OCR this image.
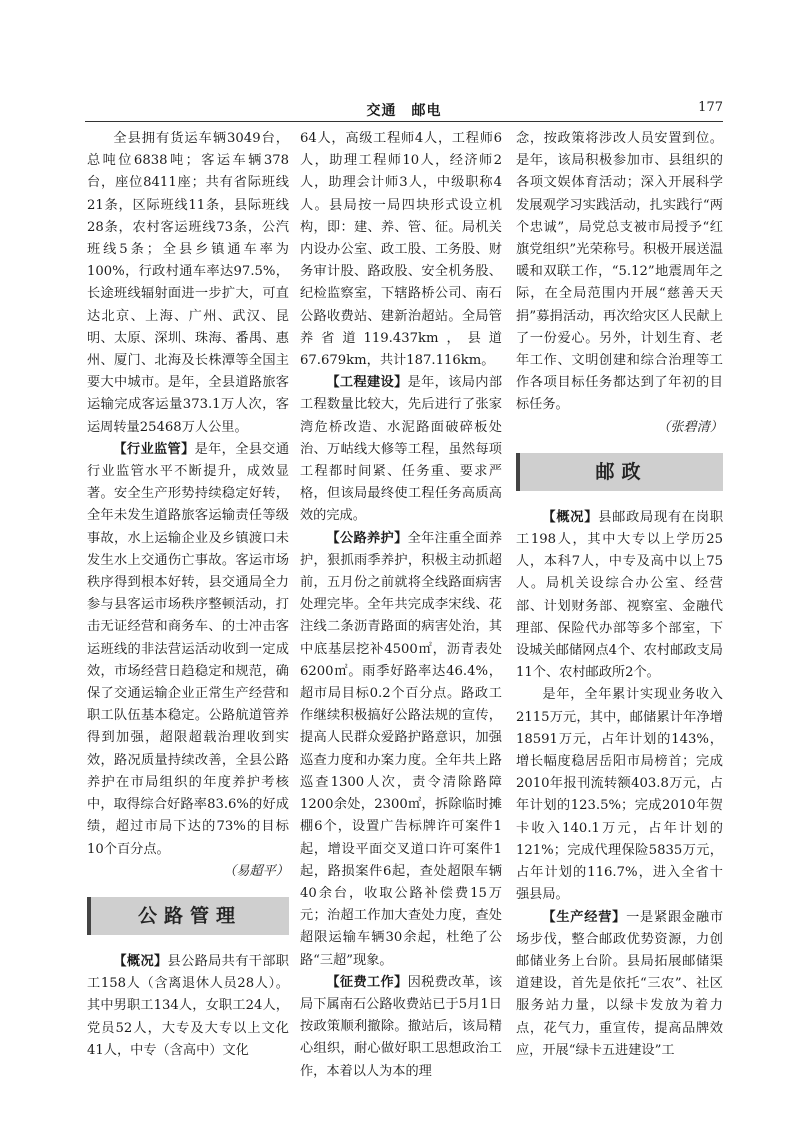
交通　邮电	177

全县拥有货运车辆3049台，总吨位6838吨；客运车辆378台，座位8411座；共有省际班线21条，区际班线11条，县际班线28条，农村客运班线73条，公汽班线5条；全县乡镇通车率为100%，行政村通车率达97.5%，长途班线辐射面进一步扩大，可直达北京、上海、广州、武汉、昆明、太原、深圳、珠海、番禺、惠州、厦门、北海及长株潭等全国主要大中城市。是年，全县道路旅客运输完成客运量373.1万人次，客运周转量25468万人公里。

【行业监管】是年，全县交通行业监管水平不断提升，成效显著。安全生产形势持续稳定好转，全年未发生道路旅客运输责任等级事故，水上运输企业及乡镇渡口未发生水上交通伤亡事故。客运市场秩序得到根本好转，县交通局全力参与县客运市场秩序整顿活动，打击无证经营和商务车、的士冲击客运班线的非法营运活动收到一定成效，市场经营日趋稳定和规范，确保了交通运输企业正常生产经营和职工队伍基本稳定。公路航道管养得到加强，超限超载治理收到实效，路况质量持续改善，全县公路养护在市局组织的年度养护考核中，取得综合好路率83.6%的好成绩，超过市局下达的73%的目标10个百分点。

（易超平）

公路管理

【概况】县公路局共有干部职工158人（含离退休人员28人）。其中男职工134人，女职工24人，党员52人，大专及大专以上文化41人，中专（含高中）文化

64人，高级工程师4人，工程师6人，助理工程师10人，经济师2人，助理会计师3人，中级职称4人。县局按一局四块形式设立机构，即：建、养、管、征。局机关内设办公室、政工股、工务股、财务审计股、路政股、安全机务股、纪检监察室，下辖路桥公司、南石公路收费站、建新治超站。全局管养省道119.437km，县道67.679km，共计187.116km。

【工程建设】是年，该局内部工程数量比较大，先后进行了张家湾危桥改造、水泥路面破碎板处治、万岵线大修等工程，虽然每项工程都时间紧、任务重、要求严格，但该局最终使工程任务高质高效的完成。

【公路养护】全年注重全面养护，狠抓雨季养护，积极主动抓超前，五月份之前就将全线路面病害处理完毕。全年共完成李宋线、花注线二条沥青路面的病害处治，其中底基层挖补4500㎡，沥青表处6200㎡。雨季好路率达46.4%，超市局目标0.2个百分点。路政工作继续积极搞好公路法规的宣传，提高人民群众爱路护路意识，加强巡查力度和办案力度。全年共上路巡查1300人次，责令清除路障1200余处，2300㎡，拆除临时摊棚6个，设置广告标牌许可案件1起，增设平面交叉道口许可案件1起，路损案件6起，查处超限车辆40余台，收取公路补偿费15万元；治超工作加大查处力度，查处超限运输车辆30余起，杜绝了公路“三超”现象。

【征费工作】因税费改革，该局下属南石公路收费站已于5月1日按政策顺利撤除。撤站后，该局精心组织，耐心做好职工思想政治工作，本着以人为本的理

念，按政策将涉改人员安置到位。是年，该局积极参加市、县组织的各项文娱体育活动；深入开展科学发展观学习实践活动，扎实践行“两个忠诚”，局党总支被市局授予“红旗党组织”光荣称号。积极开展送温暖和双联工作，“5.12”地震周年之际，在全局范围内开展“慈善天天捐”募捐活动，再次给灾区人民献上了一份爱心。另外，计划生育、老年工作、文明创建和综合治理等工作各项目标任务都达到了年初的目标任务。

（张碧清）

邮政

【概况】县邮政局现有在岗职工198人，其中大专以上学历25人，本科7人，中专及高中以上75人。局机关设综合办公室、经营部、计划财务部、视察室、金融代理部、保险代办部等多个部室，下设城关邮储网点4个、农村邮政支局11个、农村邮政所2个。

是年，全年累计实现业务收入2115万元，其中，邮储累计年净增18591万元，占年计划的143%，增长幅度稳居岳阳市局榜首；完成2010年报刊流转额403.8万元，占年计划的123.5%；完成2010年贺卡收入140.1万元，占年计划的121%；完成代理保险5835万元，占年计划的116.7%，进入全省十强县局。

【生产经营】一是紧跟金融市场步伐，整合邮政优势资源，力创邮储业务上台阶。县局拓展邮储渠道建设，首先是依托“三农”、社区服务站力量，以绿卡发放为着力点，花气力，重宣传，提高品牌效应，开展“绿卡五进建设”工
